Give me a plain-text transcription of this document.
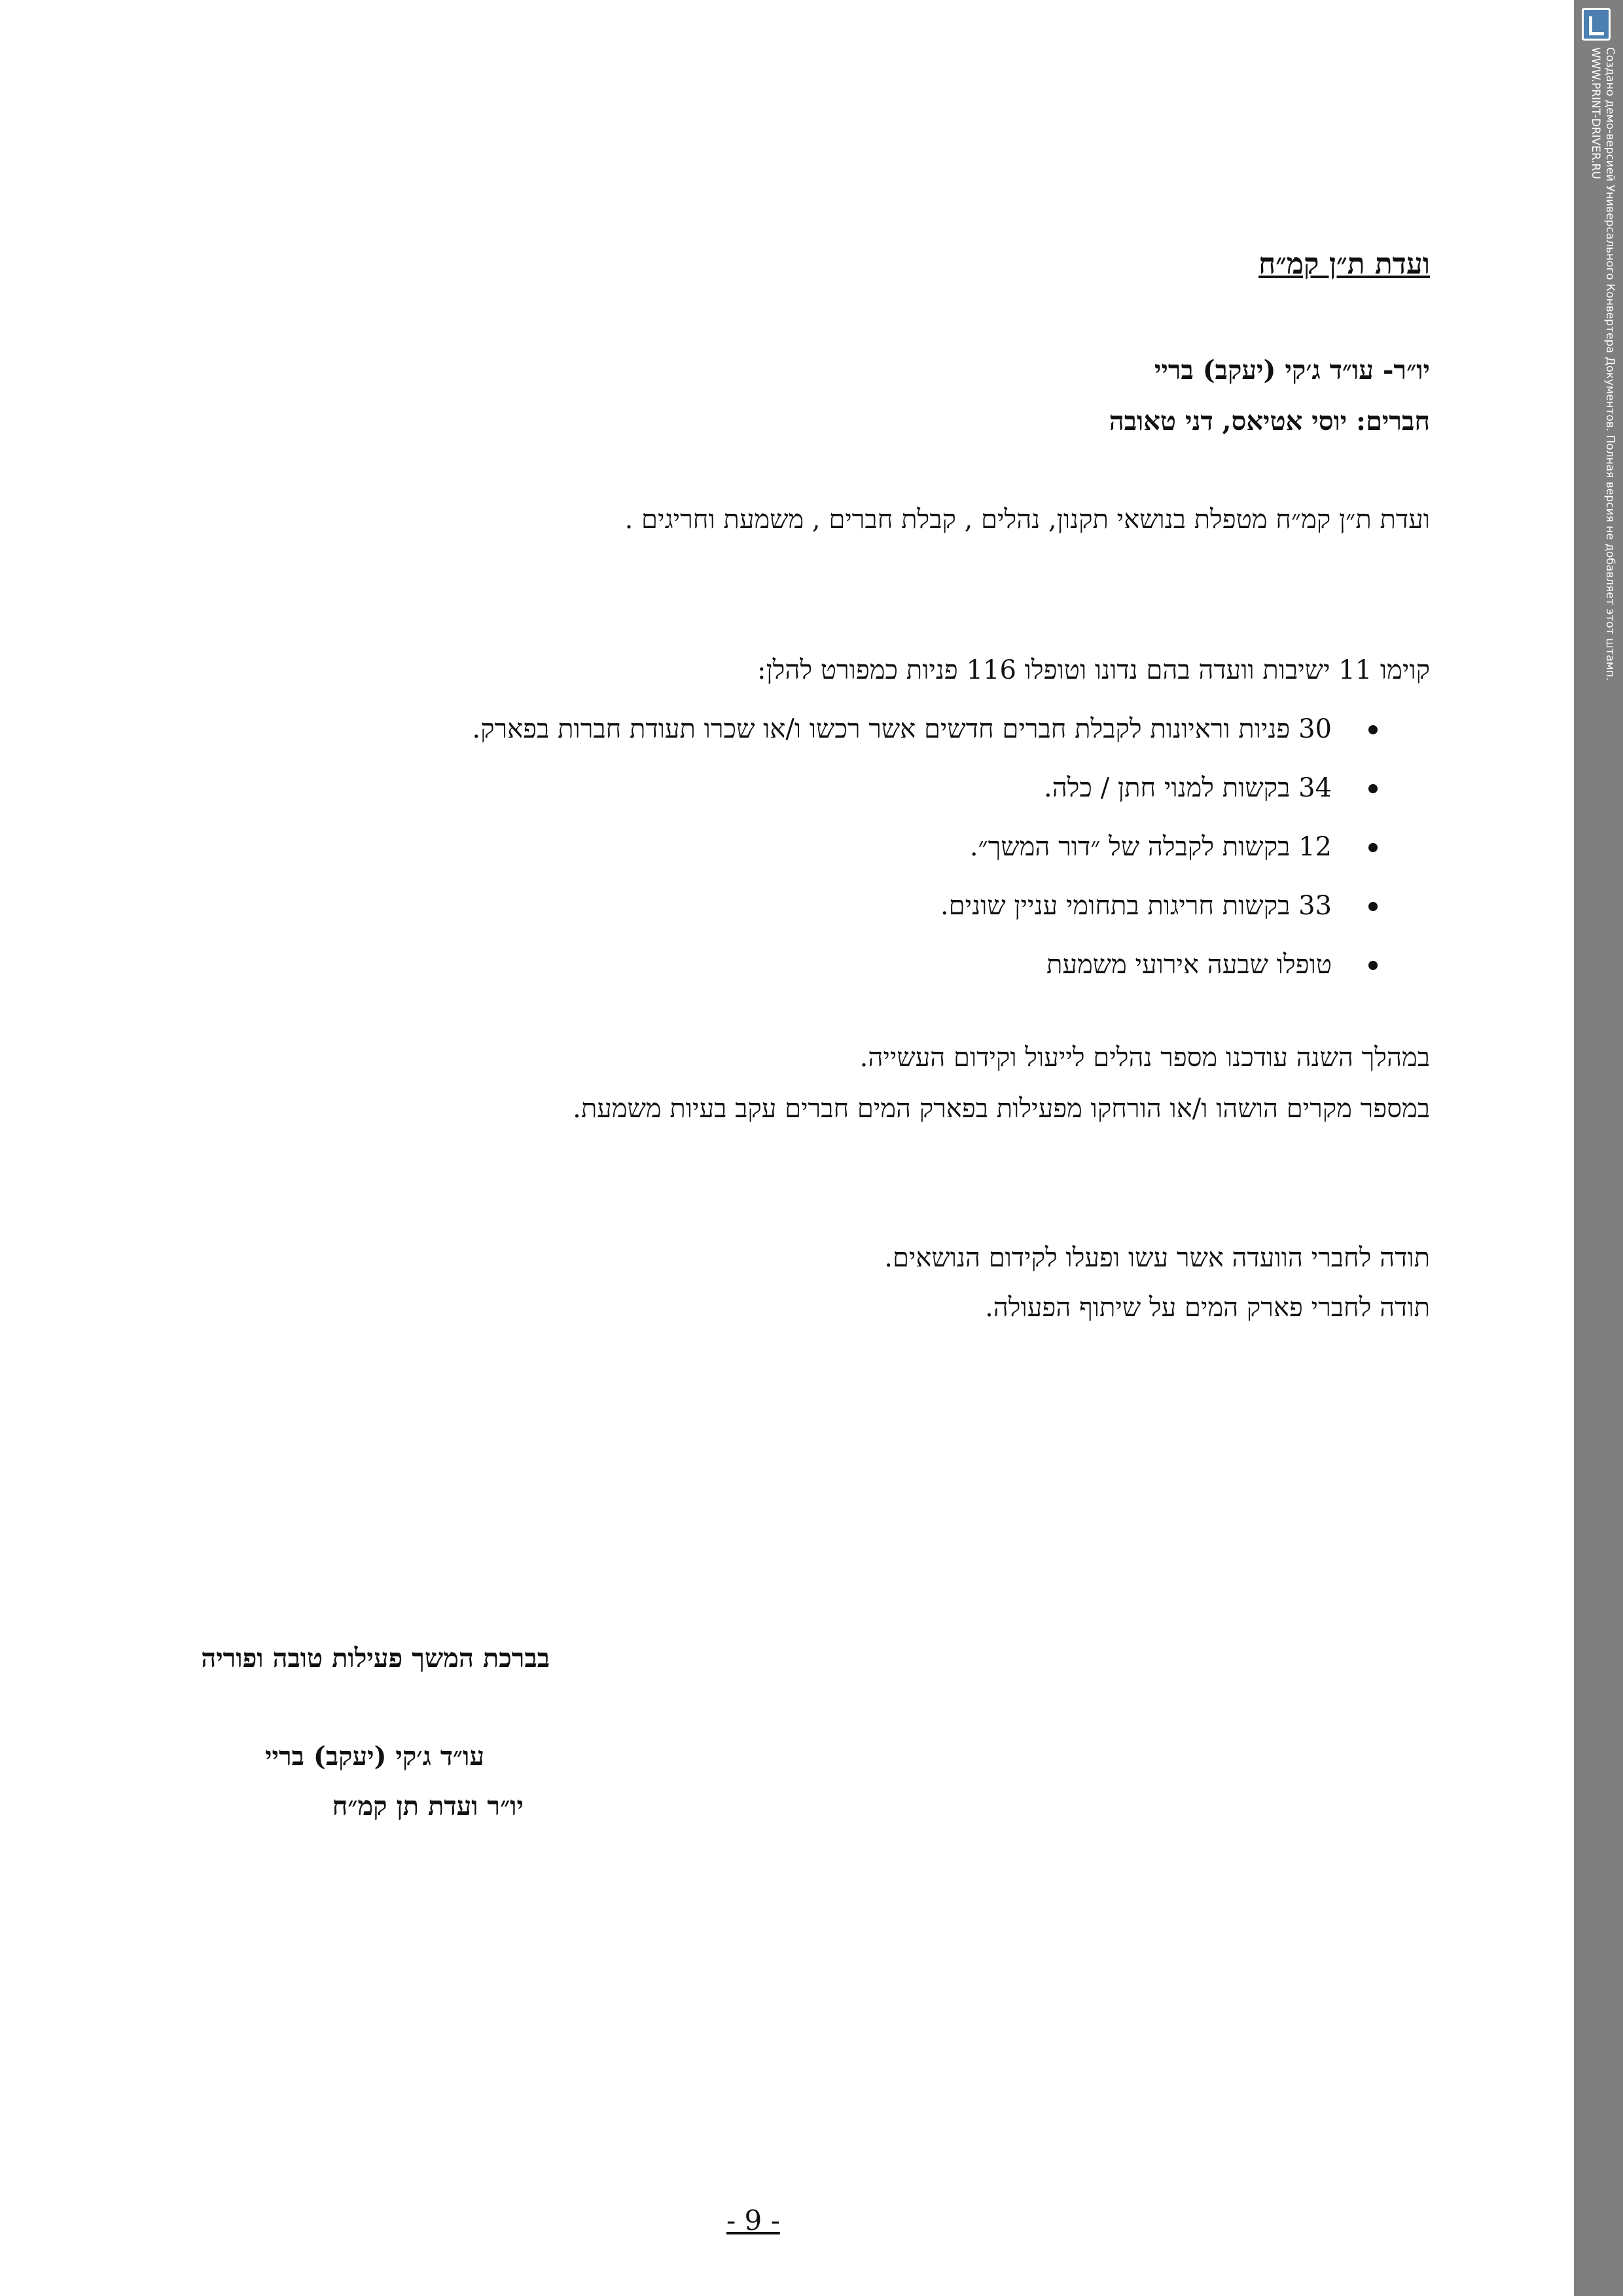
Создано демо-версией Универсального Конвертера Документов. Полная версия не добавляет этот штамп.
WWW.PRINT-DRIVER.RU
ועדת ת״ן קמ״ח
יו״ר- עו״ד ג׳קי (יעקב) בריי
חברים: יוסי אטיאס, דני טאובה
ועדת ת״ן קמ״ח מטפלת בנושאי תקנון, נהלים , קבלת חברים , משמעת וחריגים .
קוימו 11 ישיבות וועדה בהם נדונו וטופלו 116 פניות כמפורט להלן:
30 פניות וראיונות לקבלת חברים חדשים אשר רכשו ו/או שכרו תעודת חברות בפארק.
34 בקשות למנוי חתן / כלה.
12 בקשות לקבלה של ״דור המשך״.
33 בקשות חריגות בתחומי עניין שונים.
טופלו שבעה אירועי משמעת
במהלך השנה עודכנו מספר נהלים לייעול וקידום העשייה.
במספר מקרים הושהו ו/או הורחקו מפעילות בפארק המים חברים עקב בעיות משמעת.
תודה לחברי הוועדה אשר עשו ופעלו לקידום הנושאים.
תודה לחברי פארק המים על שיתוף הפעולה.
בברכת המשך פעילות טובה ופוריה
עו״ד ג׳קי (יעקב) בריי
יו״ר ועדת תן קמ״ח
- 9 -
